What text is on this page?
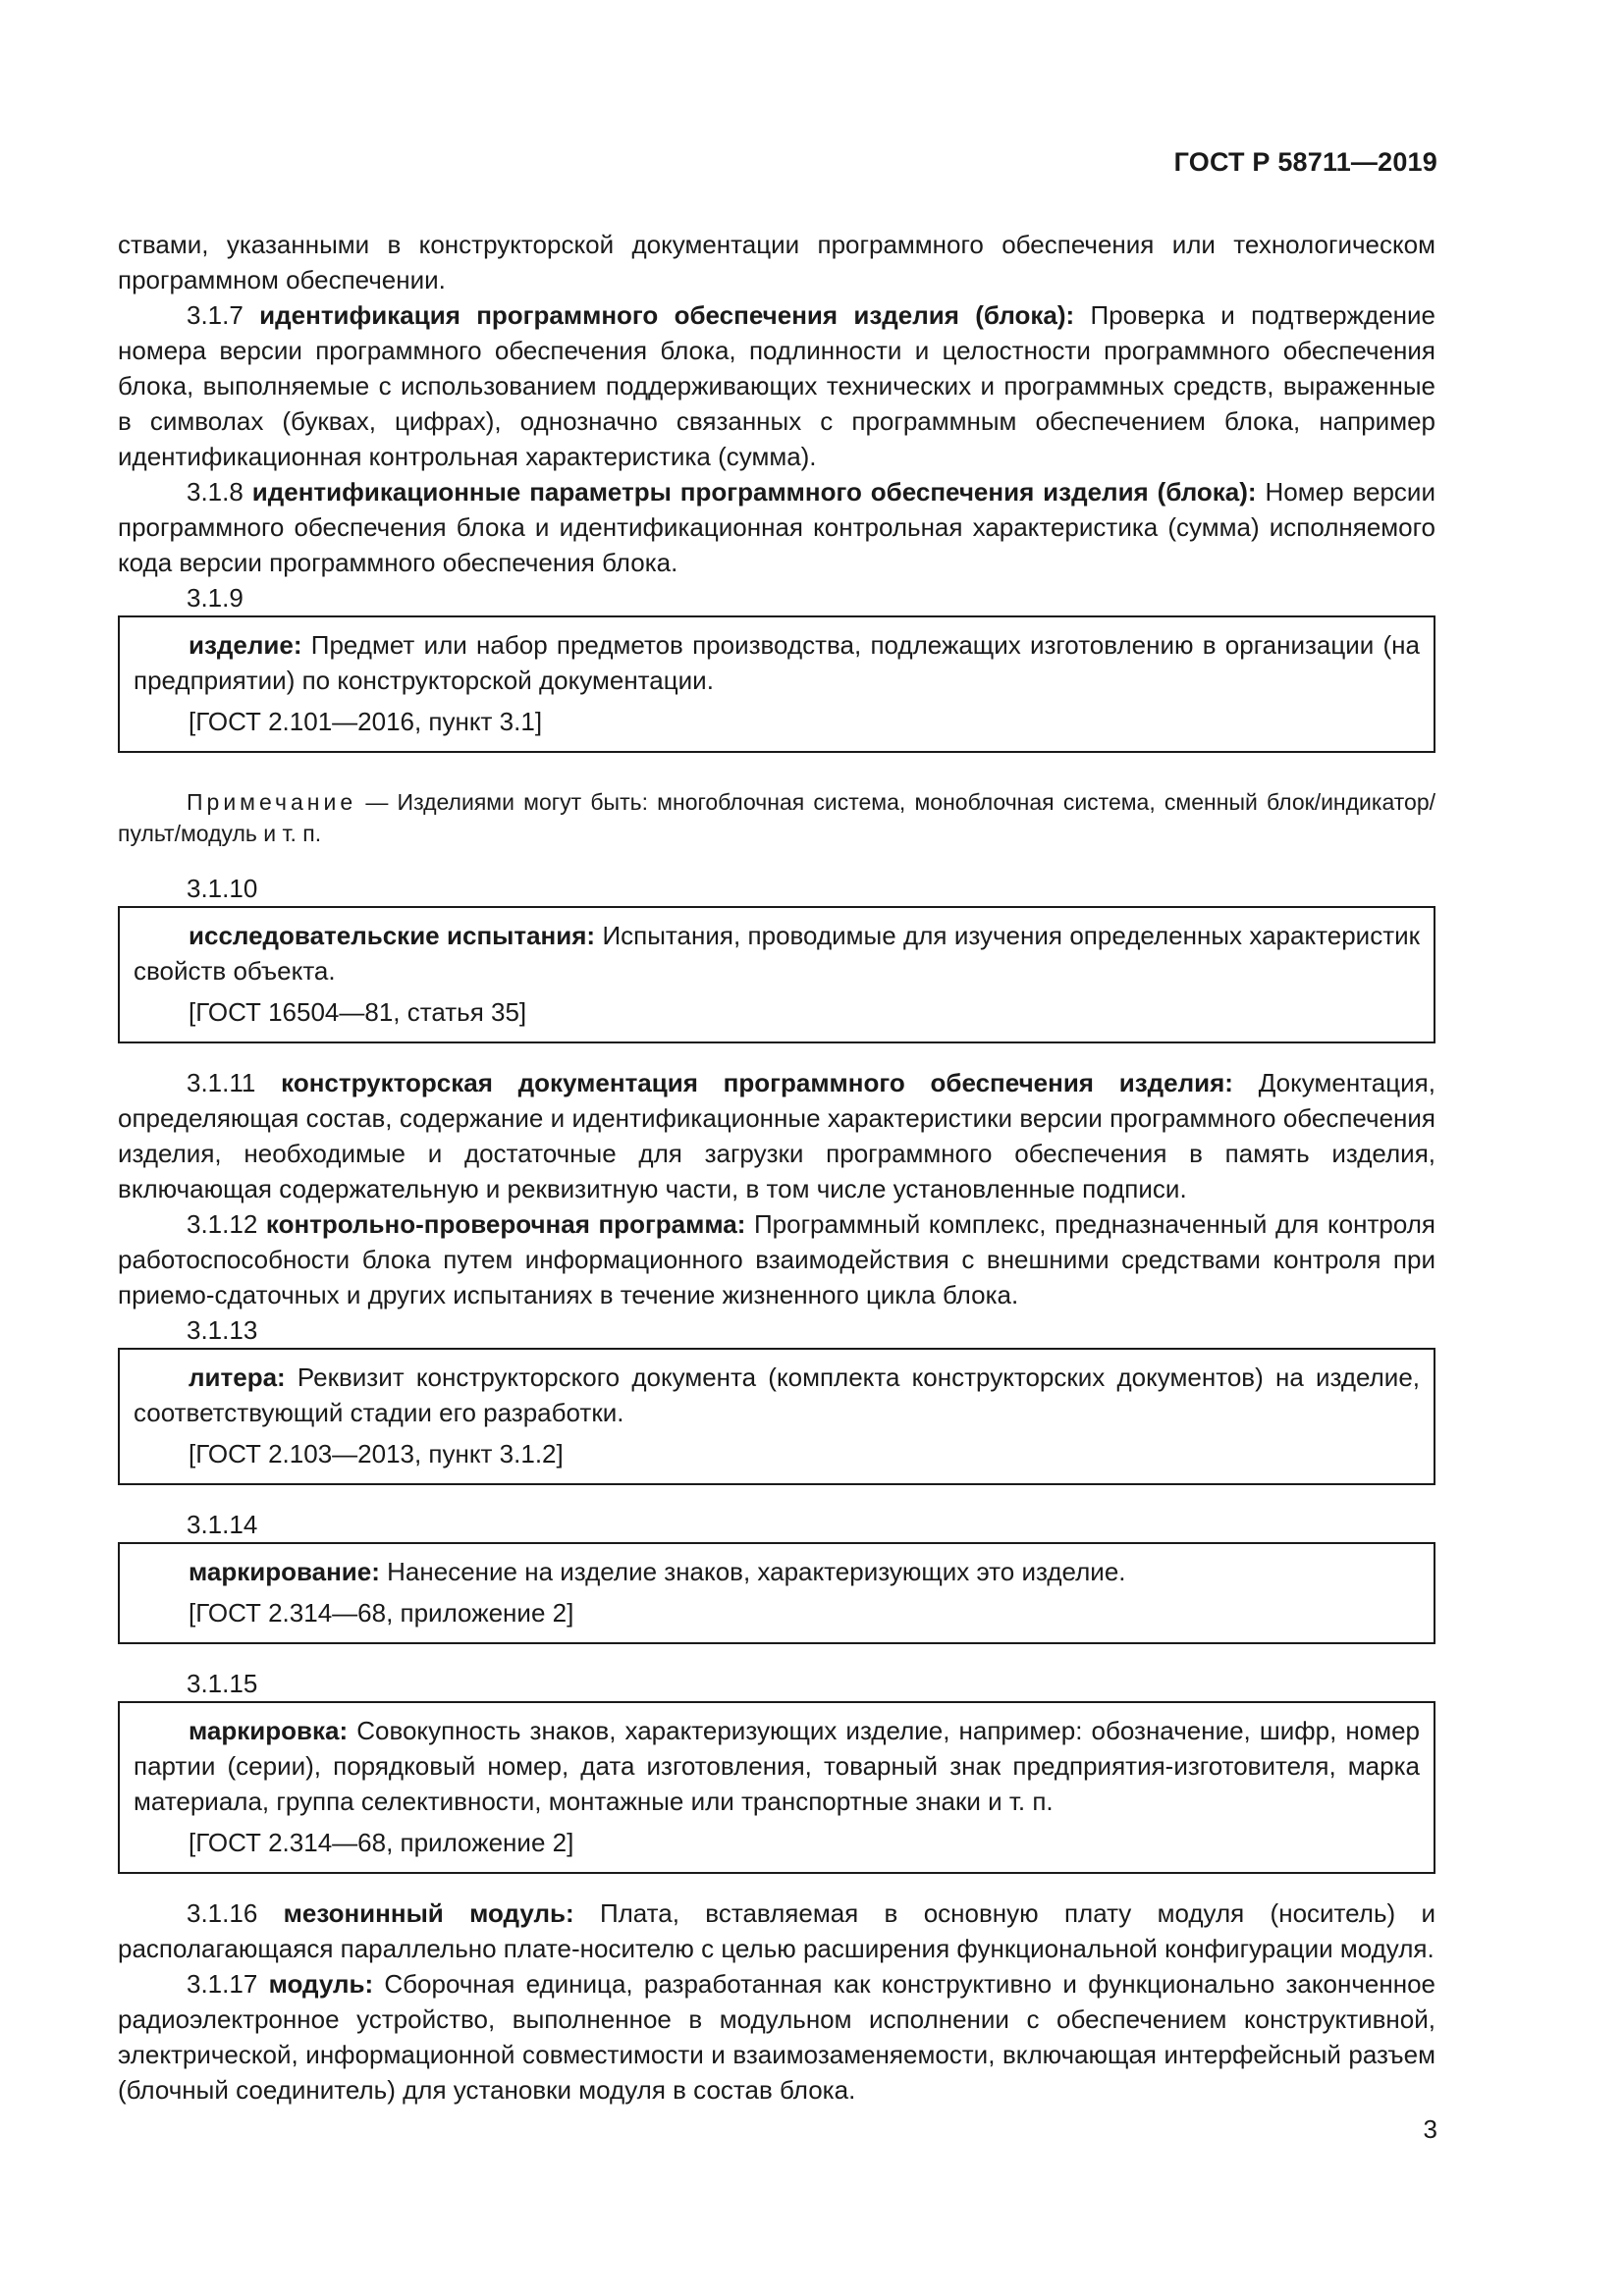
ГОСТ Р 58711—2019

ствами, указанными в конструкторской документации программного обеспечения или технологическом программном обеспечении.

3.1.7 идентификация программного обеспечения изделия (блока): Проверка и подтверждение номера версии программного обеспечения блока, подлинности и целостности программного обеспечения блока, выполняемые с использованием поддерживающих технических и программных средств, выраженные в символах (буквах, цифрах), однозначно связанных с программным обеспечением блока, например идентификационная контрольная характеристика (сумма).

3.1.8 идентификационные параметры программного обеспечения изделия (блока): Номер версии программного обеспечения блока и идентификационная контрольная характеристика (сумма) исполняемого кода версии программного обеспечения блока.

3.1.9

изделие: Предмет или набор предметов производства, подлежащих изготовлению в организации (на предприятии) по конструкторской документации.

[ГОСТ 2.101—2016, пункт 3.1]

Примечание — Изделиями могут быть: многоблочная система, моноблочная система, сменный блок/индикатор/пульт/модуль и т. п.

3.1.10

исследовательские испытания: Испытания, проводимые для изучения определенных характеристик свойств объекта.

[ГОСТ 16504—81, статья 35]

3.1.11 конструкторская документация программного обеспечения изделия: Документация, определяющая состав, содержание и идентификационные характеристики версии программного обеспечения изделия, необходимые и достаточные для загрузки программного обеспечения в память изделия, включающая содержательную и реквизитную части, в том числе установленные подписи.

3.1.12 контрольно-проверочная программа: Программный комплекс, предназначенный для контроля работоспособности блока путем информационного взаимодействия с внешними средствами контроля при приемо-сдаточных и других испытаниях в течение жизненного цикла блока.

3.1.13

литера: Реквизит конструкторского документа (комплекта конструкторских документов) на изделие, соответствующий стадии его разработки.

[ГОСТ 2.103—2013, пункт 3.1.2]
3.1.14

маркирование: Нанесение на изделие знаков, характеризующих это изделие.

[ГОСТ 2.314—68, приложение 2]
3.1.15

маркировка: Совокупность знаков, характеризующих изделие, например: обозначение, шифр, номер партии (серии), порядковый номер, дата изготовления, товарный знак предприятия-изготовителя, марка материала, группа селективности, монтажные или транспортные знаки и т. п.

[ГОСТ 2.314—68, приложение 2]

3.1.16 мезонинный модуль: Плата, вставляемая в основную плату модуля (носитель) и располагающаяся параллельно плате-носителю с целью расширения функциональной конфигурации модуля.

3.1.17 модуль: Сборочная единица, разработанная как конструктивно и функционально законченное радиоэлектронное устройство, выполненное в модульном исполнении с обеспечением конструктивной, электрической, информационной совместимости и взаимозаменяемости, включающая интерфейсный разъем (блочный соединитель) для установки модуля в состав блока.

3
